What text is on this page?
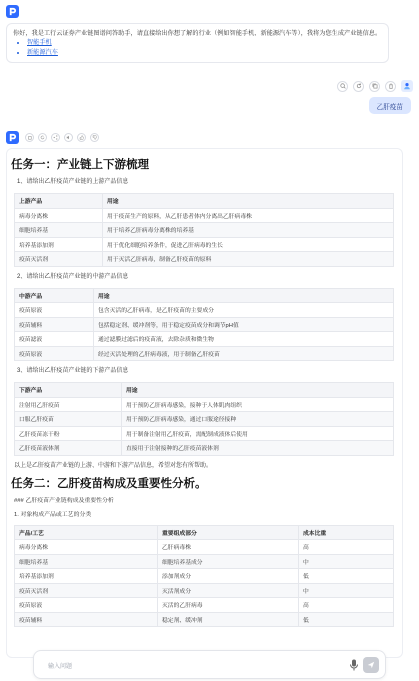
你好，我是工行云证券产业链图谱问答助手，请直接给出你想了解的行业（例如智能手机、新能源汽车等），我将为您生成产业链信息。

• 智能手机
• 新能源汽车
乙肝疫苗
任务一：产业链上下游梳理
1、请给出乙肝疫苗产业链的上游产品信息
上游产品	用途
病毒分离株	用于疫苗生产的原料，从乙肝患者体内分离出乙肝病毒株
细胞培养基	用于培养乙肝病毒分离株的培养基
培养基添加剂	用于优化细胞培养条件，促进乙肝病毒的生长
疫苗灭活剂	用于灭活乙肝病毒，制备乙肝疫苗的原料
2、请给出乙肝疫苗产业链的中游产品信息
中游产品	用途
疫苗原液	包含灭活的乙肝病毒，是乙肝疫苗的主要成分
疫苗辅料	包括稳定剂、缓冲剂等，用于稳定疫苗成分和调节pH值
疫苗滤液	通过滤膜过滤后的疫苗液，去除杂质和微生物
疫苗原液	经过灭活处理的乙肝病毒液，用于制备乙肝疫苗
3、请给出乙肝疫苗产业链的下游产品信息
下游产品	用途
注射用乙肝疫苗	用于预防乙肝病毒感染，接种于人体肌肉组织
口服乙肝疫苗	用于预防乙肝病毒感染，通过口服途径接种
乙肝疫苗冻干粉	用于制备注射用乙肝疫苗，需配制成液体后使用
乙肝疫苗液体剂	直接用于注射接种的乙肝疫苗液体剂
以上是乙肝疫苗产业链的上游、中游和下游产品信息，希望对您有所帮助。
任务二：乙肝疫苗构成及重要性分析。
### 乙肝疫苗产业链构成及重要性分析
1. 对象构成产品或工艺的分类
产品/工艺	重要组成部分	成本比重
病毒分离株	乙肝病毒株	高
细胞培养基	细胞培养基成分	中
培养基添加剂	添加剂成分	低
疫苗灭活剂	灭活剂成分	中
疫苗原液	灭活的乙肝病毒	高
疫苗辅料	稳定剂、缓冲剂	低
输入问题
